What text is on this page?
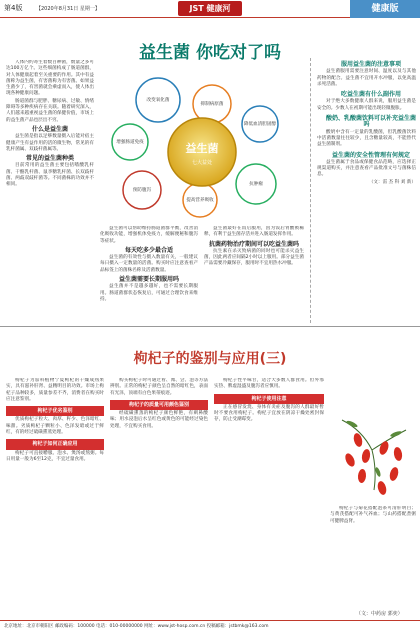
第4版	【2020年8月31日 星期一】	JST 健康河	健康版
益生菌 你吃对了吗

人体内约寄生着数百种菌，数量之多可达100万亿个。这些细菌构成了肠道菌群，对人体健康起着至关重要的作用。其中有益菌称为益生菌，有害菌称为有害菌。如果益生菌少了，有害菌就会乘虚而入，使人体出现各种健康问题。

肠道菌群与肥胖、糖尿病、过敏、情绪障碍等多种疾病存在关联。随着研究深入，人们越来越重视益生菌的保健价值，市场上的益生菌产品也层出不穷。

什么是益生菌

益生菌是指以足够数量摄入后能对宿主健康产生有益作用的活的微生物，常见的有乳杆菌属、双歧杆菌属等。

常见的益生菌种类

目前常用的益生菌主要包括嗜酸乳杆菌、干酪乳杆菌、鼠李糖乳杆菌、长双歧杆菌、两歧双歧杆菌等。不同菌株的功效并不相同。

益生菌
七大益处
改变氧化菌
抑制病原菌
降低血清胆固醇
增强肠道免疫
预防腹泻
提高营养吸收
抗肿瘤

益生菌可以帮助维持肠道菌群平衡，改善消化吸收功能，增强机体免疫力，缓解便秘和腹泻等症状。

每天吃多少最合适

益生菌的有效性与摄入数量有关，一般建议每日摄入一定数量的活菌。购买时应注意查看产品标签上的菌株名称及活菌数量。

益生菌需要长期服用吗

益生菌并不是越多越好，也不需要长期服用。肠道菌群状态恢复后，可通过合理饮食来维持。

益生菌最好在饭后服用，因为饭后胃酸被稀释，有利于益生菌存活并进入肠道发挥作用。

抗菌药物治疗期间可以吃益生菌吗

抗生素在杀灭致病菌的同时也可能杀灭益生菌，因此两者应间隔2小时以上服用。部分益生菌产品需要冷藏保存，服用时不宜用热水冲服。

服用益生菌的注意事项

益生菌服用需要注意时间、温度以及与其他药物的配合。益生菌不宜用开水冲服，以免高温杀死活菌。

吃益生菌有什么副作用

对于绝大多数健康人群来说，服用益生菌是安全的。少数人在初期可能出现轻微腹胀。

酸奶、乳酸菌饮料可以补充益生菌吗

酸奶中含有一定量的乳酸菌，但乳酸菌饮料中活菌数量往往较少，且含糖量较高，不能替代益生菌制剂。

益生菌的安全性管理有何规定

益生菌属于食品或保健食品范畴，应选择正规渠道购买，并注意查看产品批准文号与菌株信息。

（文：雷 杰 科 刘 新）

枸杞子的鉴别与应用(三)

枸杞子为茄科植物宁夏枸杞的干燥成熟果实，具有滋补肝肾、益精明目的功效。市场上枸杞子品种较多，质量参差不齐，消费者在购买时应注意鉴别。

枸杞子优劣鉴别

优质枸杞子粒大、肉厚、籽少、色泽暗红、味甜。劣质枸杞子颗粒小、色泽发暗或过于鲜红，有的经过硫磺熏蒸处理。

枸杞子如何正确应用

枸杞子可直接嚼服、泡水、煲汤或熬粥。每日用量一般为6至12克，不宜过量食用。

购买枸杞子时可通过看、闻、尝、泡等方法辨别。正常的枸杞子颜色呈自然的暗红色，表面有光泽，顶端有白色果蒂痕迹。

枸杞子的质量可用颜色鉴别

经硫磺熏蒸的枸杞子颜色鲜艳，有刺鼻酸味；用水浸泡后水呈红色或黄色的可能经过染色处理，不宜购买食用。

枸杞子性平味甘，适合大多数人群食用。但外邪实热、脾虚湿盛及腹泻者应慎用。

枸杞子使用注意

正在感冒发烧、身体有炎症及腹泻的人群最好暂时不要食用枸杞子。枸杞子宜放在阴凉干燥处密封保存，防止受潮霉变。

枸杞子与菊花搭配泡茶可清肝明目；与黄芪搭配可补气养血；与山药搭配煮粥可健脾益肾。

（文：中药房 郭奕）
北京地址：北京市朝阳区 邮政编码：100000 电话：010-00000000 网址：www.jst-hosp.com.cn 投稿邮箱：jstbmk@163.com
